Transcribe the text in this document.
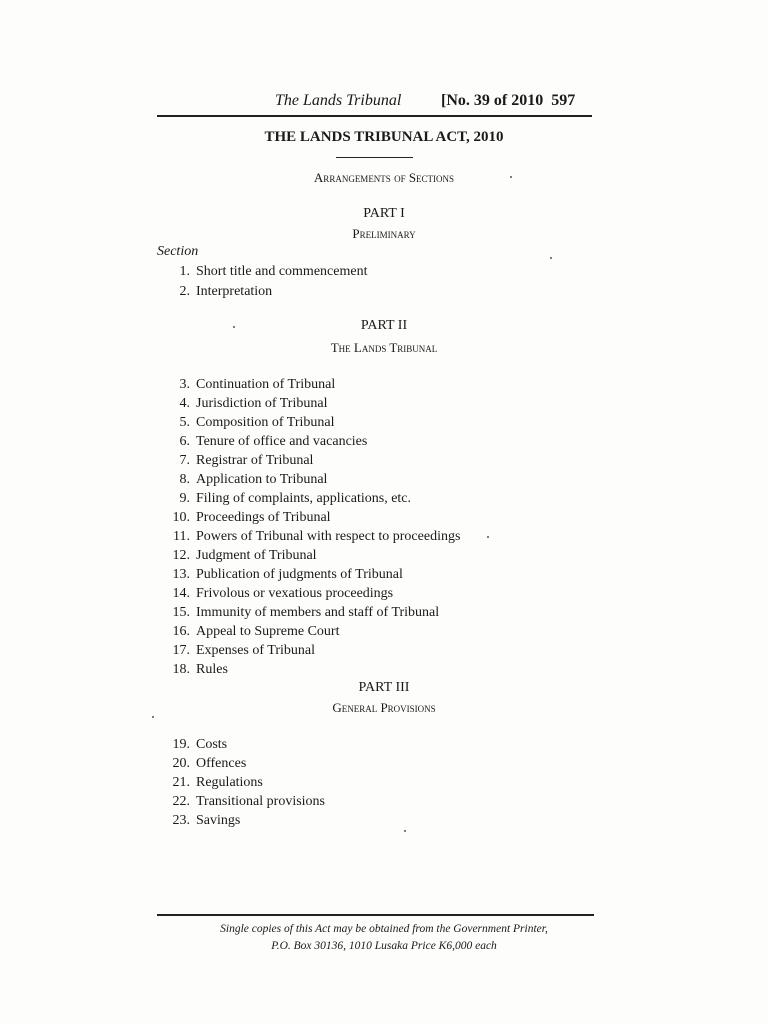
The Lands Tribunal [No. 39 of 2010 597
THE LANDS TRIBUNAL ACT, 2010
Arrangements of Sections
PART I
Preliminary
Section
1. Short title and commencement
2. Interpretation
PART II
The Lands Tribunal
3. Continuation of Tribunal
4. Jurisdiction of Tribunal
5. Composition of Tribunal
6. Tenure of office and vacancies
7. Registrar of Tribunal
8. Application to Tribunal
9. Filing of complaints, applications, etc.
10. Proceedings of Tribunal
11. Powers of Tribunal with respect to proceedings
12. Judgment of Tribunal
13. Publication of judgments of Tribunal
14. Frivolous or vexatious proceedings
15. Immunity of members and staff of Tribunal
16. Appeal to Supreme Court
17. Expenses of Tribunal
18. Rules
PART III
General Provisions
19. Costs
20. Offences
21. Regulations
22. Transitional provisions
23. Savings
Single copies of this Act may be obtained from the Government Printer,
P.O. Box 30136, 1010 Lusaka Price K6,000 each
